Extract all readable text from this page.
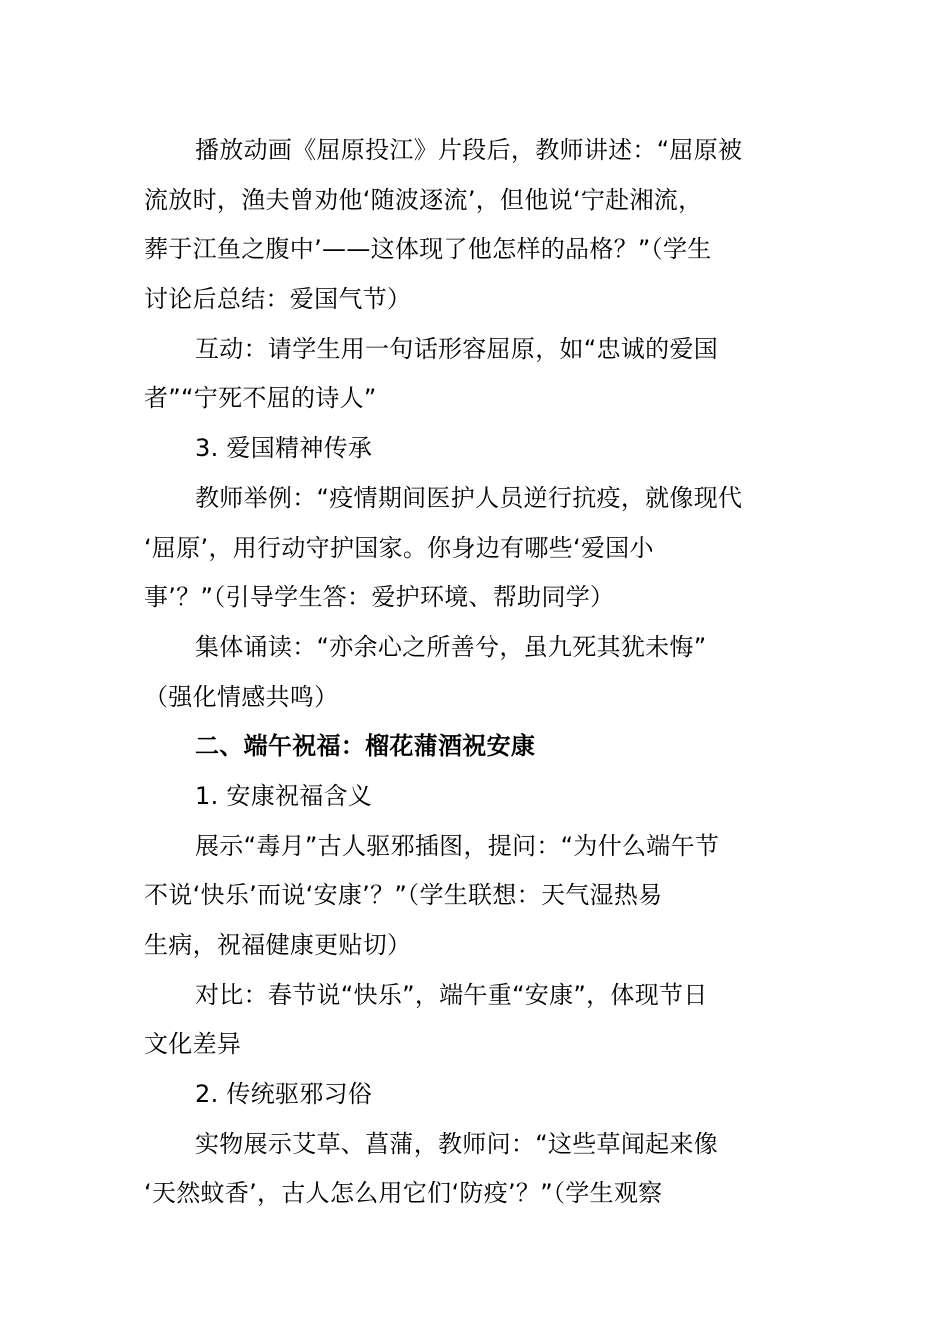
播放动画《屈原投江》片段后，教师讲述：“屈原被
流放时，渔夫曾劝他‘随波逐流’，但他说‘宁赴湘流，
葬于江鱼之腹中’——这体现了他怎样的品格？”（学生
讨论后总结：爱国气节）
互动：请学生用一句话形容屈原，如“忠诚的爱国
者”“宁死不屈的诗人”
3. 爱国精神传承
教师举例：“疫情期间医护人员逆行抗疫，就像现代
‘屈原’，用行动守护国家。你身边有哪些‘爱国小
事’？”（引导学生答：爱护环境、帮助同学）
集体诵读：“亦余心之所善兮，虽九死其犹未悔”
（强化情感共鸣）
二、端午祝福：榴花蒲酒祝安康
1. 安康祝福含义
展示“毒月”古人驱邪插图，提问：“为什么端午节
不说‘快乐’而说‘安康’？”（学生联想：天气湿热易
生病，祝福健康更贴切）
对比：春节说“快乐”，端午重“安康”，体现节日
文化差异
2. 传统驱邪习俗
实物展示艾草、菖蒲，教师问：“这些草闻起来像
‘天然蚊香’，古人怎么用它们‘防疫’？”（学生观察
